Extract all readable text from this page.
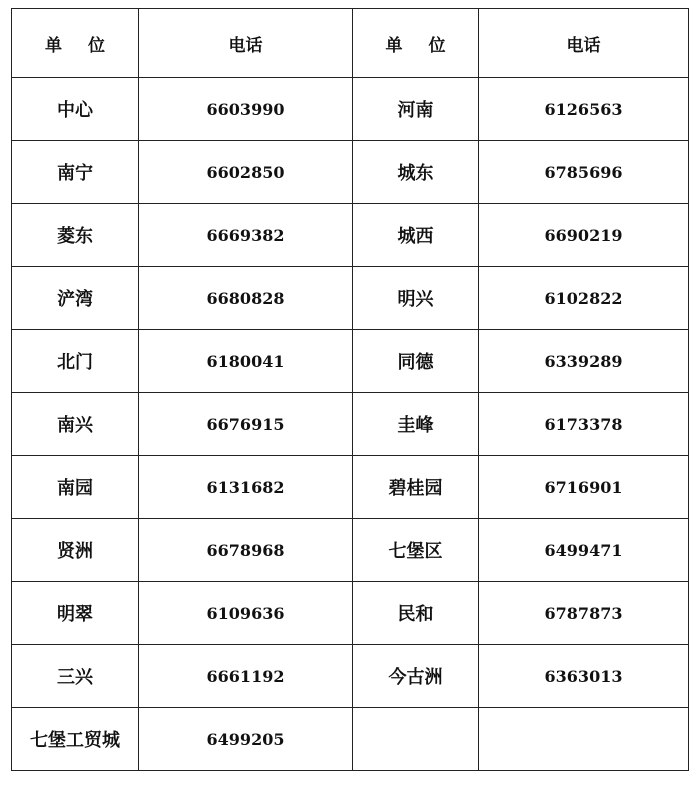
单 位	电话	单 位	电话
中心	6603990	河南	6126563
南宁	6602850	城东	6785696
菱东	6669382	城西	6690219
浐湾	6680828	明兴	6102822
北门	6180041	同德	6339289
南兴	6676915	圭峰	6173378
南园	6131682	碧桂园	6716901
贤洲	6678968	七堡区	6499471
明翠	6109636	民和	6787873
三兴	6661192	今古洲	6363013
七堡工贸城	6499205		
